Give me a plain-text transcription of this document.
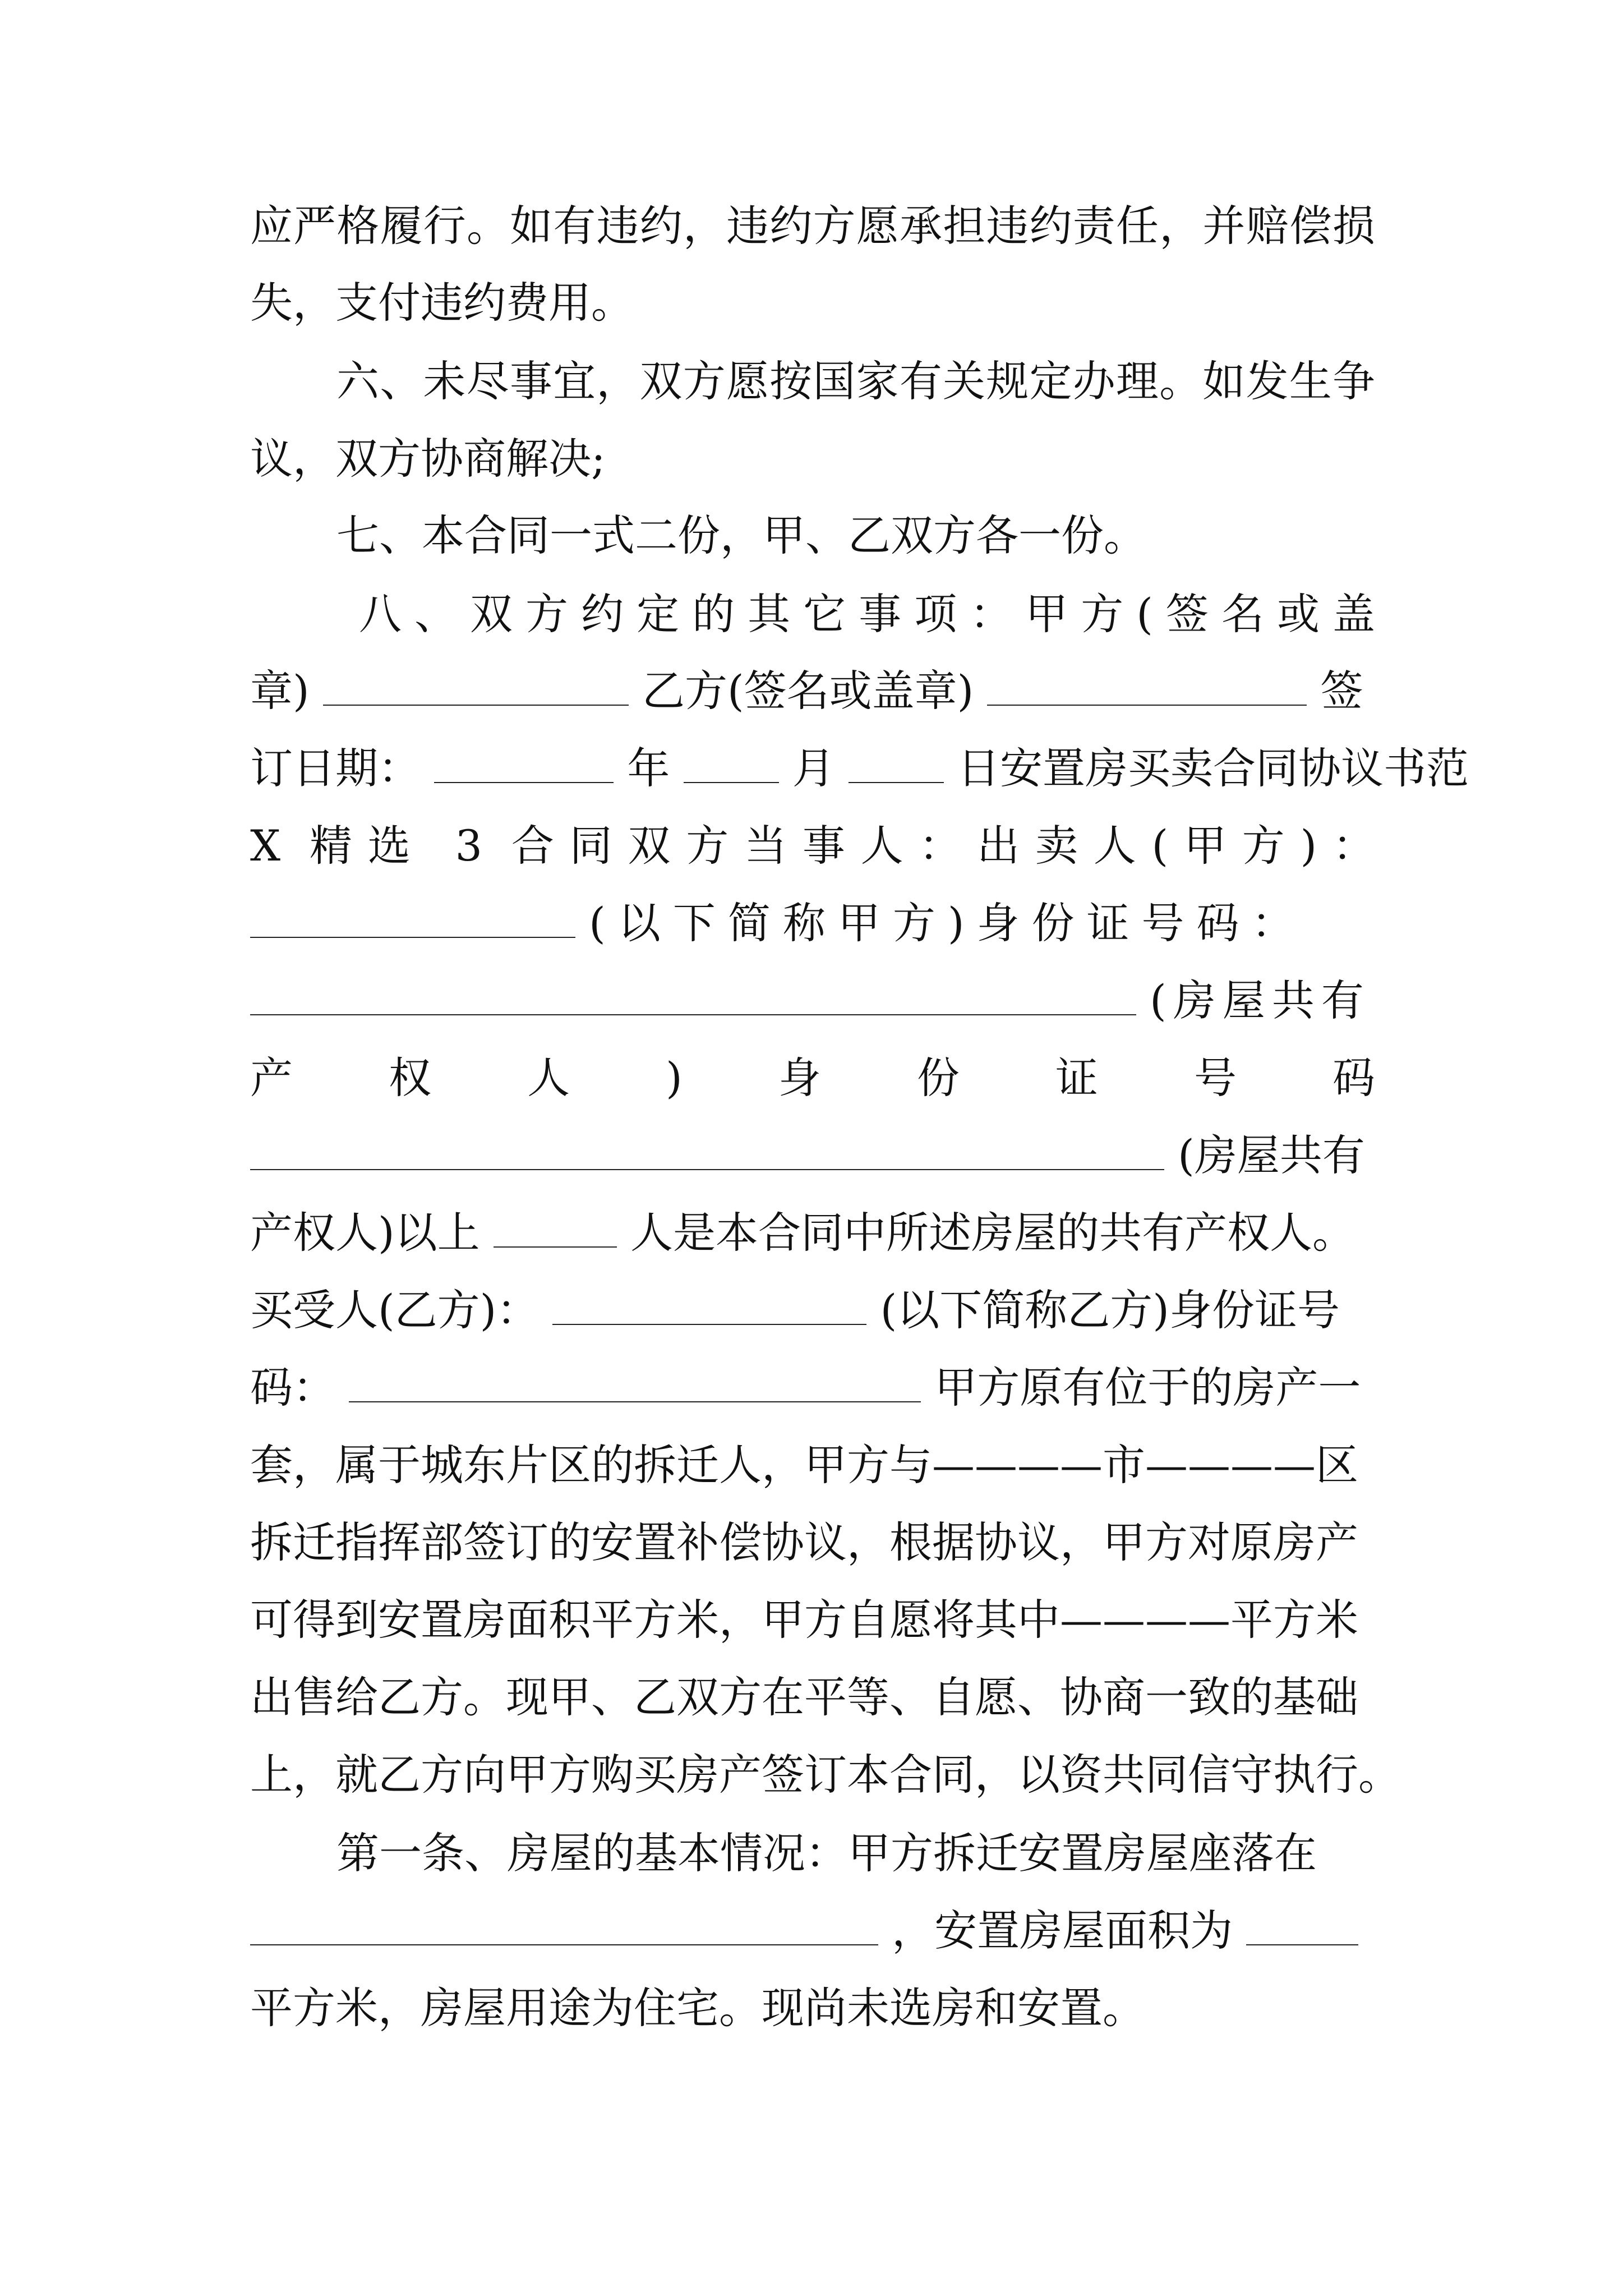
应严格履行。如有违约，违约方愿承担违约责任，并赔偿损
失，支付违约费用。
六、未尽事宜，双方愿按国家有关规定办理。如发生争
议，双方协商解决;
七、本合同一式二份，甲、乙双方各一份。
八、双方约定的其它事项：甲方(签名或盖
章)	乙方(签名或盖章)	签
订日期：	年	月	日安置房买卖合同协议书范
X 精选 3 合同双方当事人：出卖人(甲方)：
(以下简称甲方)身份证号码：
(房屋共有
产权人)身份证号码
(房屋共有
产权人)以上	人是本合同中所述房屋的共有产权人。
买受人(乙方)：	(以下简称乙方)身份证号
码：	甲方原有位于的房产一
套，属于城东片区的拆迁人，甲方与————市————区
拆迁指挥部签订的安置补偿协议，根据协议，甲方对原房产
可得到安置房面积平方米，甲方自愿将其中————平方米
出售给乙方。现甲、乙双方在平等、自愿、协商一致的基础
上，就乙方向甲方购买房产签订本合同，以资共同信守执行。
第一条、房屋的基本情况：甲方拆迁安置房屋座落在
，安置房屋面积为
平方米，房屋用途为住宅。现尚未选房和安置。
